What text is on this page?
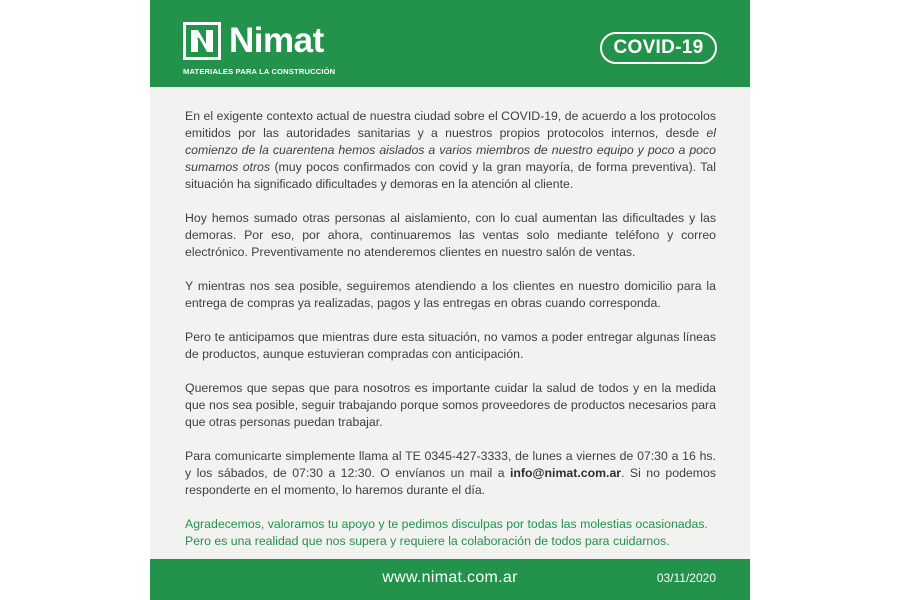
Nimat
MATERIALES PARA LA CONSTRUCCIÓN
COVID-19

En el exigente contexto actual de nuestra ciudad sobre el COVID-19, de acuerdo a los protocolos emitidos por las autoridades sanitarias y a nuestros propios protocolos internos, desde el comienzo de la cuarentena hemos aislados a varios miembros de nuestro equipo y poco a poco sumamos otros (muy pocos confirmados con covid y la gran mayoría, de forma preventiva). Tal situación ha significado dificultades y demoras en la atención al cliente.

Hoy hemos sumado otras personas al aislamiento, con lo cual aumentan las dificultades y las demoras. Por eso, por ahora, continuaremos las ventas solo mediante teléfono y correo electrónico. Preventivamente no atenderemos clientes en nuestro salón de ventas.

Y mientras nos sea posible, seguiremos atendiendo a los clientes en nuestro domicilio para la entrega de compras ya realizadas, pagos y las entregas en obras cuando corresponda.

Pero te anticipamos que mientras dure esta situación, no vamos a poder entregar algunas líneas de productos, aunque estuvieran compradas con anticipación.

Queremos que sepas que para nosotros es importante cuidar la salud de todos y en la medida que nos sea posible, seguir trabajando porque somos proveedores de productos necesarios para que otras personas puedan trabajar.

Para comunicarte simplemente llama al TE 0345-427-3333, de lunes a viernes de 07:30 a 16 hs. y los sábados, de 07:30 a 12:30. O envíanos un mail a info@nimat.com.ar. Si no podemos responderte en el momento, lo haremos durante el día.

Agradecemos, valoramos tu apoyo y te pedimos disculpas por todas las molestias ocasionadas.
Pero es una realidad que nos supera y requiere la colaboración de todos para cuidarnos.

www.nimat.com.ar	03/11/2020
